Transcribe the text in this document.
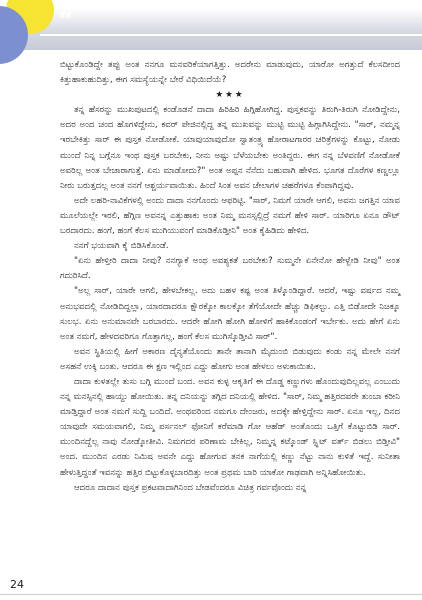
ಕತೆ

ಬಿಟ್ಟುಕೊಂಡಿದ್ದೇ ತಪ್ಪು ಅಂತ ನನಗೂ ಮನವರಿಕೆಯಾಗತ್ತಿತ್ತು. ಅದರೇನು ಮಾಡುವುದು, ಯಾರೋ ಅಗತ್ತುದೆ ಕೆಲಸದೀಂದ ಕಿತ್ತುಹಾಕುಹುದಿತ್ತು, ಈಗ ಸಮಸ್ಯೆಯನ್ನೇ ಬೇರೆ ವಿಧಿಯಿದೆಯೆ?

★★★

ತನ್ನ ಹೆಸರನ್ನು ಮುಖಪುಟದಲ್ಲಿ ಕಂಡೊಡನೆ ದಾದಾ ಹಿರಿಹಿರಿ ಹಿಗ್ಗಿಹೋಗಿದ್ದ. ಪುಸ್ತಕವನ್ನು ತಿರುಗಿ-ತಿರುಗಿ ನೋಡಿದ್ದೇನು, ಅದರ ಅಂದ ಚಂದ ಹೊಗಳಿದ್ದೇನು, ಕವರ್ ಪೇಜಿನಲ್ಲಿದ್ದ ತನ್ನ ಮುಖವನ್ನು ಮುಟ್ಟಿ ಮುಟ್ಟಿ ಹಿಗ್ಗಾಗಿಸಿದ್ದೇನು. "ಸಾರ್, ನಮ್ಮನ್ನ ಇರಬೇಕಿತ್ತು ಸಾರ್ ಈ ಪುಸ್ತಕ ನೋಡೋಕೆ. ಯಾವುಯಾವುದೋ ಸ್ವಾತಂತ್ರ್ಯ ಹೋರಾಟಗಾರರ ಚರಿತ್ರೆಗಳನ್ನು ಕೊಟ್ಟು, ನೋಡು ಮುಂದೆ ನಿನ್ನ ಬಗ್ಗೆನೂ ಇಂಥ ಪುಸ್ತಕ ಬರಬೇಕು, ನೀನು ಅಷ್ಟು ಬೆಳೆಯಬೇಕು ಅಂತಿದ್ದರು. ಈಗ ನನ್ನ ಬೆಳವಣಿಗೆ ನೋಡೋಕೆ ಅವರಿಲ್ಲ ಅಂತ ಬೇಜಾರಾಗುತ್ತೆ. ಏನು ಮಾಡೋದು?" ಅಂತ ಅಪ್ಪನ ನೆನೆದು ಬಹುವಾಗಿ ಹೇಳಿದ. ಭೂಗತ ದೊರೆಗಳ ಕಣ್ಣಲ್ಲೂ ನೀರು ಬರುತ್ತದಲ್ಲ ಅಂತ ನನಗೆ ಆಶ್ಚರ್ಯವಾಯಿತು. ಹಿಂದೆ ಸಿಂತ ಅವನ ಚೇಲಾಗಳ ಚಹರೆಗಳೂ ಕೆಂಪಾಗಿದ್ದವು.

ಅದೇ ಲಹರಿ-ನಾವಿಕೆಗಳಲ್ಲಿ ಅಂದು ದಾದಾ ನನಗೊಂದು ಆಫರಿಟ್ಟಿ. "ಸಾರ್, ನಿಮಗೆ ಯಾರೇ ಆಗಲಿ, ಅವನು ಜಗತ್ತಿನ ಯಾವ ಮೂಲೆಯಲ್ಲೇ ಇರಲಿ, ಹೆಗ್ಗಿಣ ಅವನನ್ನ ಎತ್ತುಹಾಕು ಅಂತ ನಿಮ್ಮ ಮನಸ್ಸಲ್ಲಿದ್ರೆ ನಮಗೆ ಹೇಳಿ ಸಾರ್. ಯಾರಿಗೂ ಏನೂ ಡೌಟ್ ಬರದಾರದು. ಹಂಗೆ, ಹಂಗೆ ಕೆಲಸ ಮುಗಿಯುವಂಗೆ ಮಾಡಿಕೊಡ್ತೀನಿ" ಅಂತ ಕೈಹಿಡಿದು ಹೇಳಿದ.

ನನಗೆ ಭಯವಾಗಿ ಕೈ ಬಿಡಿಸಿಕೊಂಡೆ.

"ಏನು ಹೇಳ್ತೀರಿ ದಾದಾ ನೀವು? ನನಗ್ಯಾಕೆ ಅಂಥ ಅವಶ್ಯಕತೆ ಬರಬೇಕು? ಸುಮ್ಮನೇ ಏನೇನೋ ಹೇಳ್ಬೇಡಿ ನೀವು" ಅಂತ ಗದುರಿಸಿದೆ.

"ಅಲ್ಲ ಸಾರ್, ಯಾರೇ ಆಗಲಿ, ಹೇಳಬೇಕಲ್ಲ. ಅದು ಬಹಳ ಕಷ್ಟ ಅಂತ ತಿಳ್ಕೊಂಡಿದ್ದಾರೆ. ಆದರೆ, ಇಷ್ಟು ವರ್ಷದ ನಮ್ಮ ಅನುಭವದಲ್ಲಿ ನೋಡಿದಿದ್ದಲ್ಲಾ, ಯಾರದಾದರೂ ಕ್ಷೌರಕ್ಕೋ ಕಾಲಕ್ಕೋ ತೆಗೆಯೋದೇ ಹೆಚ್ಚು ಡಿಫಿಕಲ್ಟು. ಎತ್ತಿ ಬಿಡೋದೇ ನಿಜಕ್ಕೂ ಸುಲಭ. ಏನು ಅನುಮಾನವೇ ಬರಬಾರದು. ಆದರೇ ಹೋಗಿ ಹೋಗಿ ಹೋಳಿಗೆ ಹಾಕಿಕೊಂಡಂಗೆ ಇರ್ಬೇಕು. ಅದು ಹೇಗೆ ಏನು ಅಂತ ನಮಗೆ, ಹೇಳದವರಿಗೂ ಗೊತ್ತಾಗಲ್ಲ, ಹಂಗೆ ಕೆಲಸ ಮುಗಿಸ್ಕೊಡ್ತೀವಿ ಸಾರ್".

ಅವನ ಸ್ಥಿತಿಯಲ್ಲಿ ಹೀಗೆ ಅಕಾರಣ ದೈನ್ಯತೆಯೊಂದು ತಾನೇ ತಾನಾಗಿ ಮೈದುಂಬಿ ಬಿಡುವುದು ಕಂಡು ನನ್ನ ಮೇಲೇ ನನಗೆ ಅಸಹನೆ ಉಕ್ಕಿ ಬಂತು. ಆದರೂ ಈ ಕ್ಷಣ ಇಲ್ಲಿಂದ ಎದ್ದು ಹೋಗು ಅಂತ ಹೇಳಲು ಅಳುಕಾಯಿತು.

ದಾದಾ ಕುಳತಲ್ಲೇ ತುಸು ಬಗ್ಗಿ ಮುಂದೆ ಬಂದ. ಅವನ ಕುಳ್ಳ ಆಕೃತಿಗೆ ಈ ದೊಡ್ಡ ಕಣ್ಣುಗಳು ಹೊಂದುವುದಿಲ್ಲವಲ್ಲ ಎಂಬುದು ನನ್ನ ಮನಸ್ಸಿನಲ್ಲಿ ಹಾಯ್ದು ಹೋಯಿತು. ತನ್ನ ದನಿಯನ್ನು ತಗ್ಗಿದ ದನಿಯಲ್ಲಿ ಹೇಳಿದ. "ಸಾರ್, ನಿಮ್ಮ ಹತ್ತಿರದವರೇ ತುಂಬಾ ಕರೀನಿ ಮಾಡ್ತಿದ್ದಾರೆ ಅಂತ ನಮಗೆ ಸುದ್ದಿ ಬಂದಿದೆ. ಅಂಥವರಿಂದ ನಮಗೂ ದೇಂಜರು, ಅದಕ್ಕೇ ಹೇಳ್ತಿದ್ದೇನು ಸಾರ್. ಏನೂ ಇಲ್ಲ, ದಿನದ ಯಾವುದೇ ಸಮಯವಾಗಲಿ, ನಿಮ್ಮ ಪರ್ಸನಲ್ ಫೋನಿಗೆ ಕರೆಮಾಡಿ ಗೋ ಆಹೆಡ್ ಅಂತೊಂದು ಒತ್ತಿಗೆ ಕೊಟ್ಟುಬಿಡಿ ಸಾರ್. ಮುಂದಿನದ್ದೆಲ್ಲ ನಾವು ನೋಡ್ಕೋತೀವಿ. ನಿಮಗದರ ಪರಿಣಾಮ ಬೇಕಿಲ್ಲ, ನಿಮ್ಮನ್ನ ಕಟ್ಕೊಂಡ್ ಸ್ಪ್ಲಿಟ್ ವರ್ತ್ ಬಿಡಲು ಬಿಡ್ತೀವಿ" ಅಂದ. ಮುಂದಿನ ಎರಡು ನಿಮಿಷ ಅವನೇ ಎದ್ದು ಹೋಗುವ ತನಕ ನಾಗೆಯಲ್ಲಿ ಕಣ್ಣು ನೆಟ್ಟು ನಾನು ಕುಳಿತೆ ಇದ್ದೆ. ಸುನೀತಾ ಹೇಳುತ್ತಿದ್ದಂತೆ ಇವನನ್ನು ಹತ್ತಿರ ಬಿಟ್ಟುಕೊಳ್ಳಬಾರದಿತ್ತು ಅಂತ ಪ್ರಥಮ ಬಾರಿ ಯಾಕೋ ಗಾಢವಾಗಿ ಅನ್ನಿಸಿಹೋಯಿತು.

ಆದರೂ ದಾದಾನ ಪುಸ್ತಕ ಪ್ರಕಟವಾದಾಗಿನಿಂದ ಬೇಡವೆಂದರೂ ವಿಚಿತ್ರ ಗರ್ವವೊಂದು ನನ್ನ

24
